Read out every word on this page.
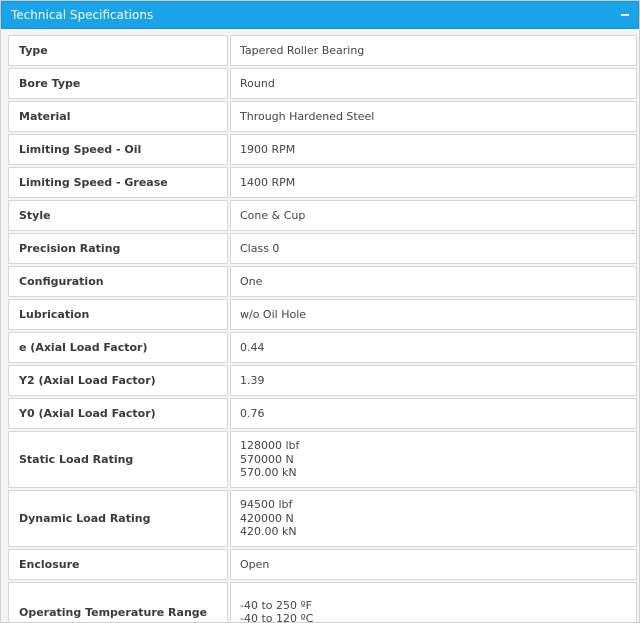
Technical Specifications
Type	Tapered Roller Bearing

Bore Type	Round

Material	Through Hardened Steel

Limiting Speed - Oil	1900 RPM

Limiting Speed - Grease	1400 RPM

Style	Cone & Cup

Precision Rating	Class 0

Configuration	One

Lubrication	w/o Oil Hole

e (Axial Load Factor)	0.44

Y2 (Axial Load Factor)	1.39

Y0 (Axial Load Factor)	0.76

Static Load Rating	128000 lbf
570000 N
570.00 kN

Dynamic Load Rating	94500 lbf
420000 N
420.00 kN

Enclosure	Open

Operating Temperature Range	-40 to 250 ºF
-40 to 120 ºC
